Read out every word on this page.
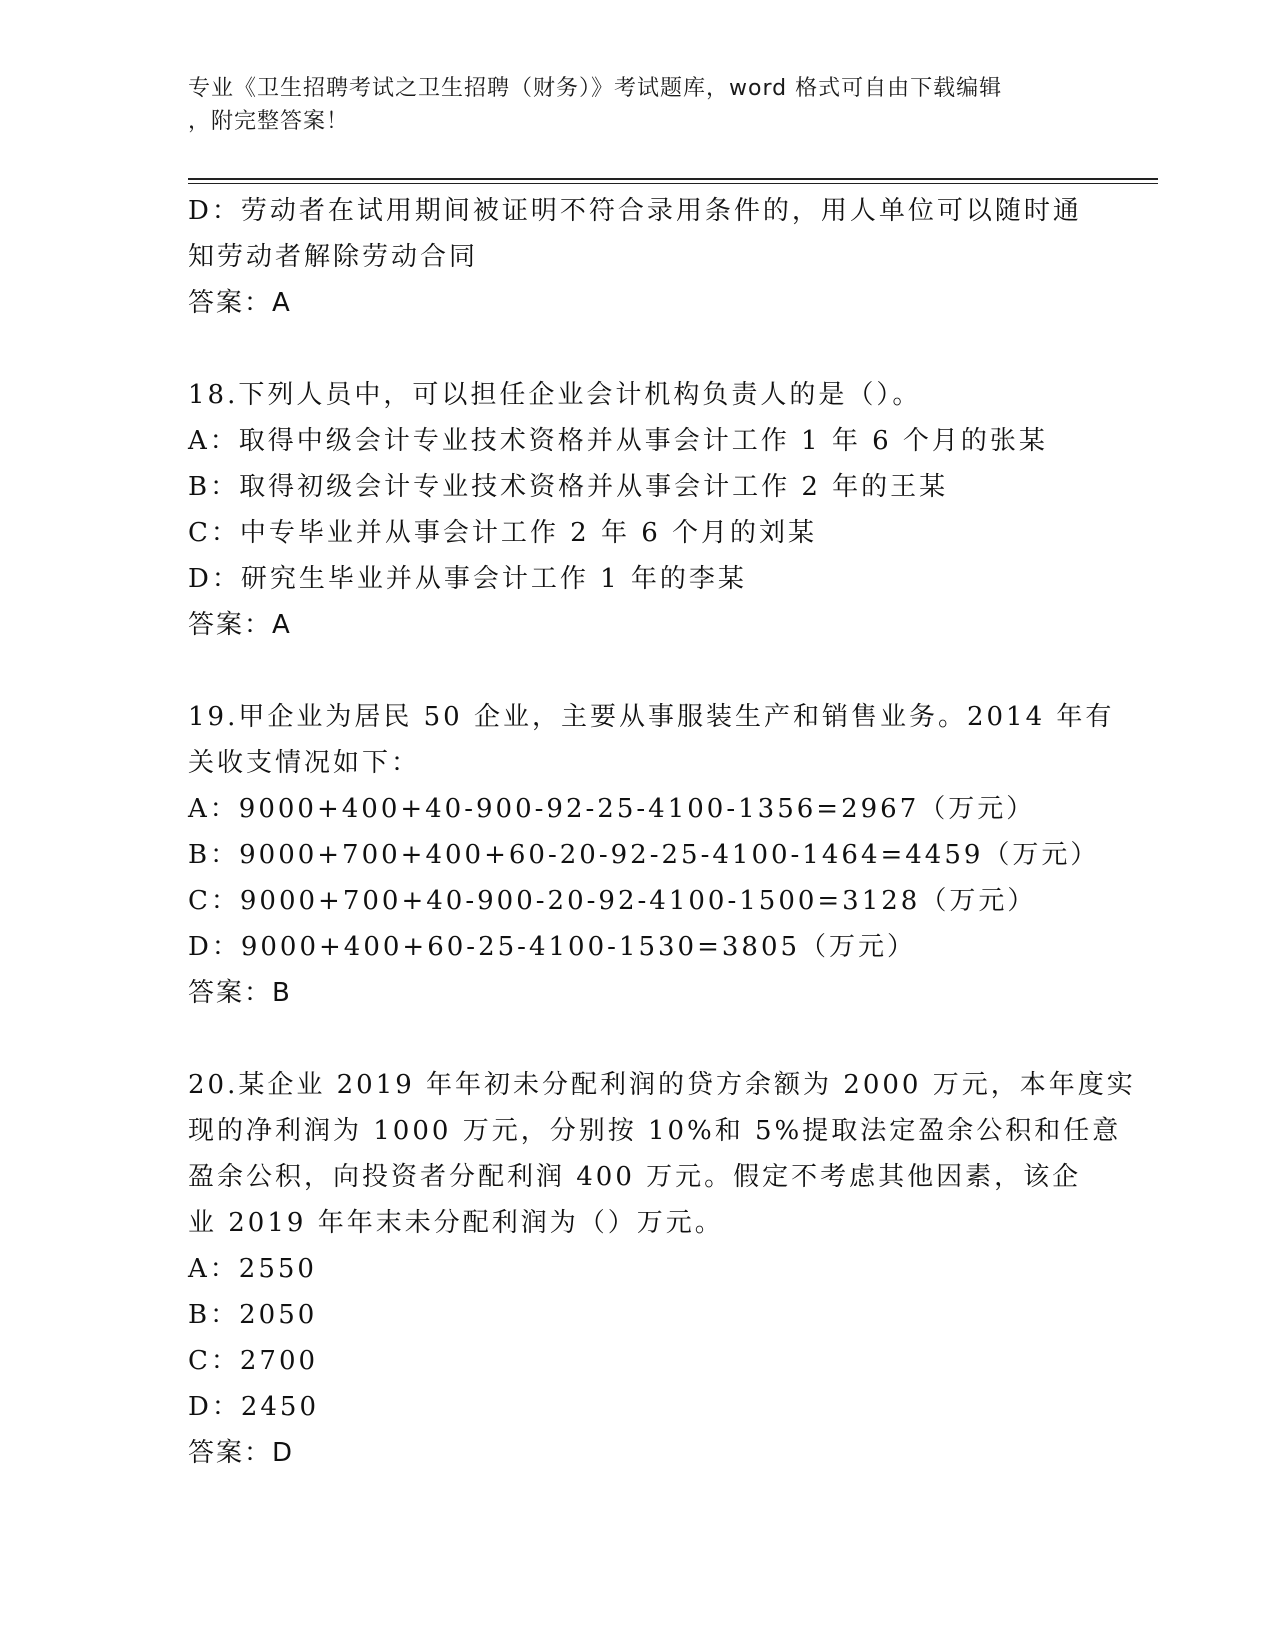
专业《卫生招聘考试之卫生招聘（财务）》考试题库，word 格式可自由下载编辑
，附完整答案！
D：劳动者在试用期间被证明不符合录用条件的，用人单位可以随时通
知劳动者解除劳动合同
答案：A
18.下列人员中，可以担任企业会计机构负责人的是（）。
A：取得中级会计专业技术资格并从事会计工作 1 年 6 个月的张某
B：取得初级会计专业技术资格并从事会计工作 2 年的王某
C：中专毕业并从事会计工作 2 年 6 个月的刘某
D：研究生毕业并从事会计工作 1 年的李某
答案：A
19.甲企业为居民 50 企业，主要从事服装生产和销售业务。2014 年有
关收支情况如下：
A：9000+400+40-900-92-25-4100-1356=2967（万元）
B：9000+700+400+60-20-92-25-4100-1464=4459（万元）
C：9000+700+40-900-20-92-4100-1500=3128（万元）
D：9000+400+60-25-4100-1530=3805（万元）
答案：B
20.某企业 2019 年年初未分配利润的贷方余额为 2000 万元，本年度实
现的净利润为 1000 万元，分别按 10%和 5%提取法定盈余公积和任意
盈余公积，向投资者分配利润 400 万元。假定不考虑其他因素，该企
业 2019 年年末未分配利润为（）万元。
A：2550
B：2050
C：2700
D：2450
答案：D
